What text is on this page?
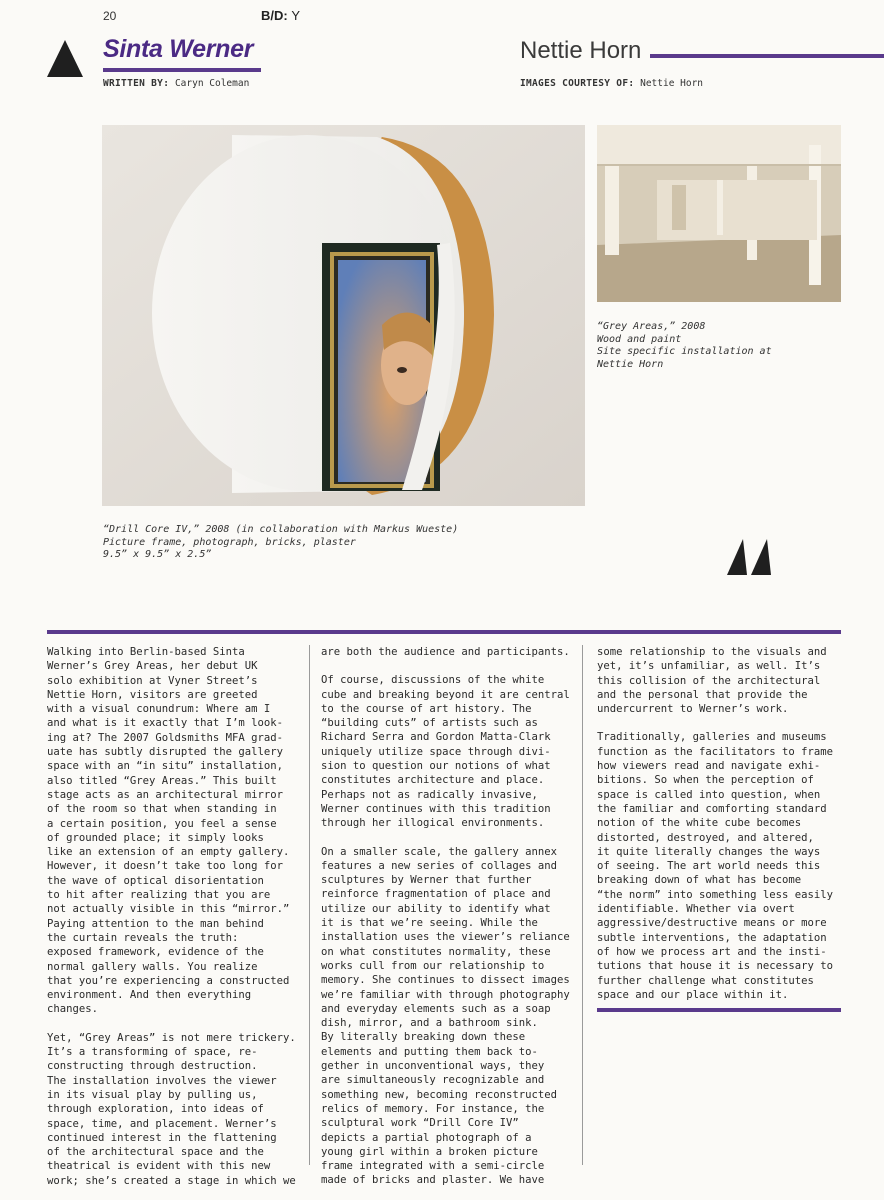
20	B/D: Y
Sinta Werner
WRITTEN BY: Caryn Coleman
Nettie Horn
IMAGES COURTESY OF: Nettie Horn
“Grey Areas,” 2008
Wood and paint
Site specific installation at
Nettie Horn
“Drill Core IV,” 2008 (in collaboration with Markus Wueste)
Picture frame, photograph, bricks, plaster
9.5” x 9.5” x 2.5”

Walking into Berlin-based Sinta
Werner’s Grey Areas, her debut UK
solo exhibition at Vyner Street’s
Nettie Horn, visitors are greeted
with a visual conundrum: Where am I
and what is it exactly that I’m look-
ing at? The 2007 Goldsmiths MFA grad-
uate has subtly disrupted the gallery
space with an “in situ” installation,
also titled “Grey Areas.” This built
stage acts as an architectural mirror
of the room so that when standing in
a certain position, you feel a sense
of grounded place; it simply looks
like an extension of an empty gallery.
However, it doesn’t take too long for
the wave of optical disorientation
to hit after realizing that you are
not actually visible in this “mirror.”
Paying attention to the man behind
the curtain reveals the truth:
exposed framework, evidence of the
normal gallery walls. You realize
that you’re experiencing a constructed
environment. And then everything
changes.

Yet, “Grey Areas” is not mere trickery.
It’s a transforming of space, re-
constructing through destruction.
The installation involves the viewer
in its visual play by pulling us,
through exploration, into ideas of
space, time, and placement. Werner’s
continued interest in the flattening
of the architectural space and the
theatrical is evident with this new
work; she’s created a stage in which we

are both the audience and participants.

Of course, discussions of the white
cube and breaking beyond it are central
to the course of art history. The
“building cuts” of artists such as
Richard Serra and Gordon Matta-Clark
uniquely utilize space through divi-
sion to question our notions of what
constitutes architecture and place.
Perhaps not as radically invasive,
Werner continues with this tradition
through her illogical environments.

On a smaller scale, the gallery annex
features a new series of collages and
sculptures by Werner that further
reinforce fragmentation of place and
utilize our ability to identify what
it is that we’re seeing. While the
installation uses the viewer’s reliance
on what constitutes normality, these
works cull from our relationship to
memory. She continues to dissect images
we’re familiar with through photography
and everyday elements such as a soap
dish, mirror, and a bathroom sink.
By literally breaking down these
elements and putting them back to-
gether in unconventional ways, they
are simultaneously recognizable and
something new, becoming reconstructed
relics of memory. For instance, the
sculptural work “Drill Core IV”
depicts a partial photograph of a
young girl within a broken picture
frame integrated with a semi-circle
made of bricks and plaster. We have

some relationship to the visuals and
yet, it’s unfamiliar, as well. It’s
this collision of the architectural
and the personal that provide the
undercurrent to Werner’s work.

Traditionally, galleries and museums
function as the facilitators to frame
how viewers read and navigate exhi-
bitions. So when the perception of
space is called into question, when
the familiar and comforting standard
notion of the white cube becomes
distorted, destroyed, and altered,
it quite literally changes the ways
of seeing. The art world needs this
breaking down of what has become
“the norm” into something less easily
identifiable. Whether via overt
aggressive/destructive means or more
subtle interventions, the adaptation
of how we process art and the insti-
tutions that house it is necessary to
further challenge what constitutes
space and our place within it.
